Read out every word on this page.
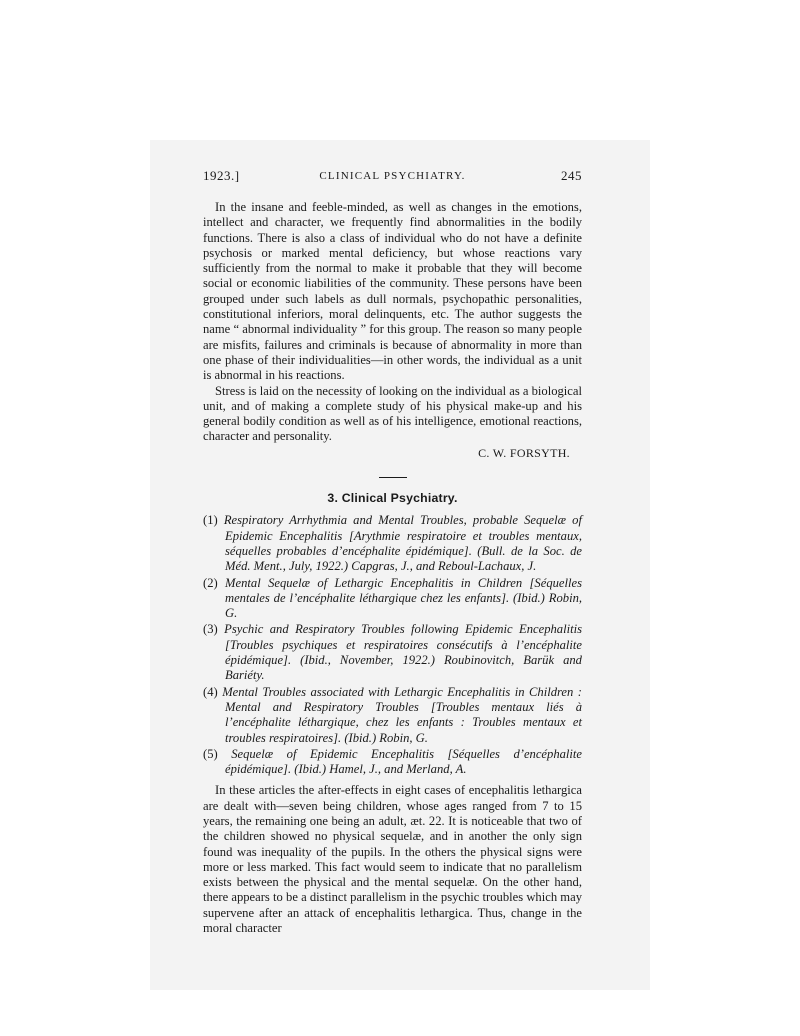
1923.]	CLINICAL PSYCHIATRY.	245

In the insane and feeble-minded, as well as changes in the emotions, intellect and character, we frequently find abnormalities in the bodily functions. There is also a class of individual who do not have a definite psychosis or marked mental deficiency, but whose reactions vary sufficiently from the normal to make it probable that they will become social or economic liabilities of the community. These persons have been grouped under such labels as dull normals, psychopathic personalities, constitutional inferiors, moral delinquents, etc. The author suggests the name “ abnormal individuality ” for this group. The reason so many people are misfits, failures and criminals is because of abnormality in more than one phase of their individualities—in other words, the individual as a unit is abnormal in his reactions.

Stress is laid on the necessity of looking on the individual as a biological unit, and of making a complete study of his physical make-up and his general bodily condition as well as of his intelligence, emotional reactions, character and personality.

C. W. FORSYTH.
3. Clinical Psychiatry.
(1) Respiratory Arrhythmia and Mental Troubles, probable Sequelæ of Epidemic Encephalitis [Arythmie respiratoire et troubles mentaux, séquelles probables d’encéphalite épidémique]. (Bull. de la Soc. de Méd. Ment., July, 1922.) Capgras, J., and Reboul-Lachaux, J.
(2) Mental Sequelæ of Lethargic Encephalitis in Children [Séquelles mentales de l’encéphalite léthargique chez les enfants]. (Ibid.) Robin, G.
(3) Psychic and Respiratory Troubles following Epidemic Encephalitis [Troubles psychiques et respiratoires consécutifs à l’encéphalite épidémique]. (Ibid., November, 1922.) Roubinovitch, Barük and Bariéty.
(4) Mental Troubles associated with Lethargic Encephalitis in Children : Mental and Respiratory Troubles [Troubles mentaux liés à l’encéphalite léthargique, chez les enfants : Troubles mentaux et troubles respiratoires]. (Ibid.) Robin, G.
(5) Sequelæ of Epidemic Encephalitis [Séquelles d’encéphalite épidémique]. (Ibid.) Hamel, J., and Merland, A.

In these articles the after-effects in eight cases of encephalitis lethargica are dealt with—seven being children, whose ages ranged from 7 to 15 years, the remaining one being an adult, æt. 22. It is noticeable that two of the children showed no physical sequelæ, and in another the only sign found was inequality of the pupils. In the others the physical signs were more or less marked. This fact would seem to indicate that no parallelism exists between the physical and the mental sequelæ. On the other hand, there appears to be a distinct parallelism in the psychic troubles which may supervene after an attack of encephalitis lethargica. Thus, change in the moral character
